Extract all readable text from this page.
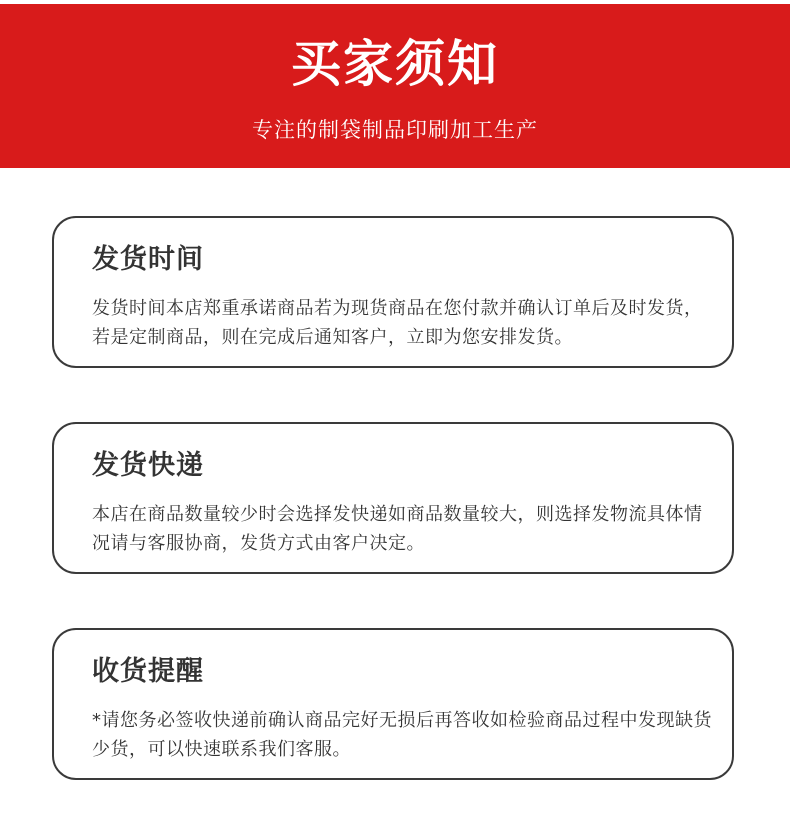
买家须知
专注的制袋制品印刷加工生产
发货时间
发货时间本店郑重承诺商品若为现货商品在您付款并确认订单后及时发货，若是定制商品，则在完成后通知客户，立即为您安排发货。
发货快递
本店在商品数量较少时会选择发快递如商品数量较大，则选择发物流具体情况请与客服协商，发货方式由客户决定。
收货提醒
*请您务必签收快递前确认商品完好无损后再答收如检验商品过程中发现缺货少货，可以快速联系我们客服。
